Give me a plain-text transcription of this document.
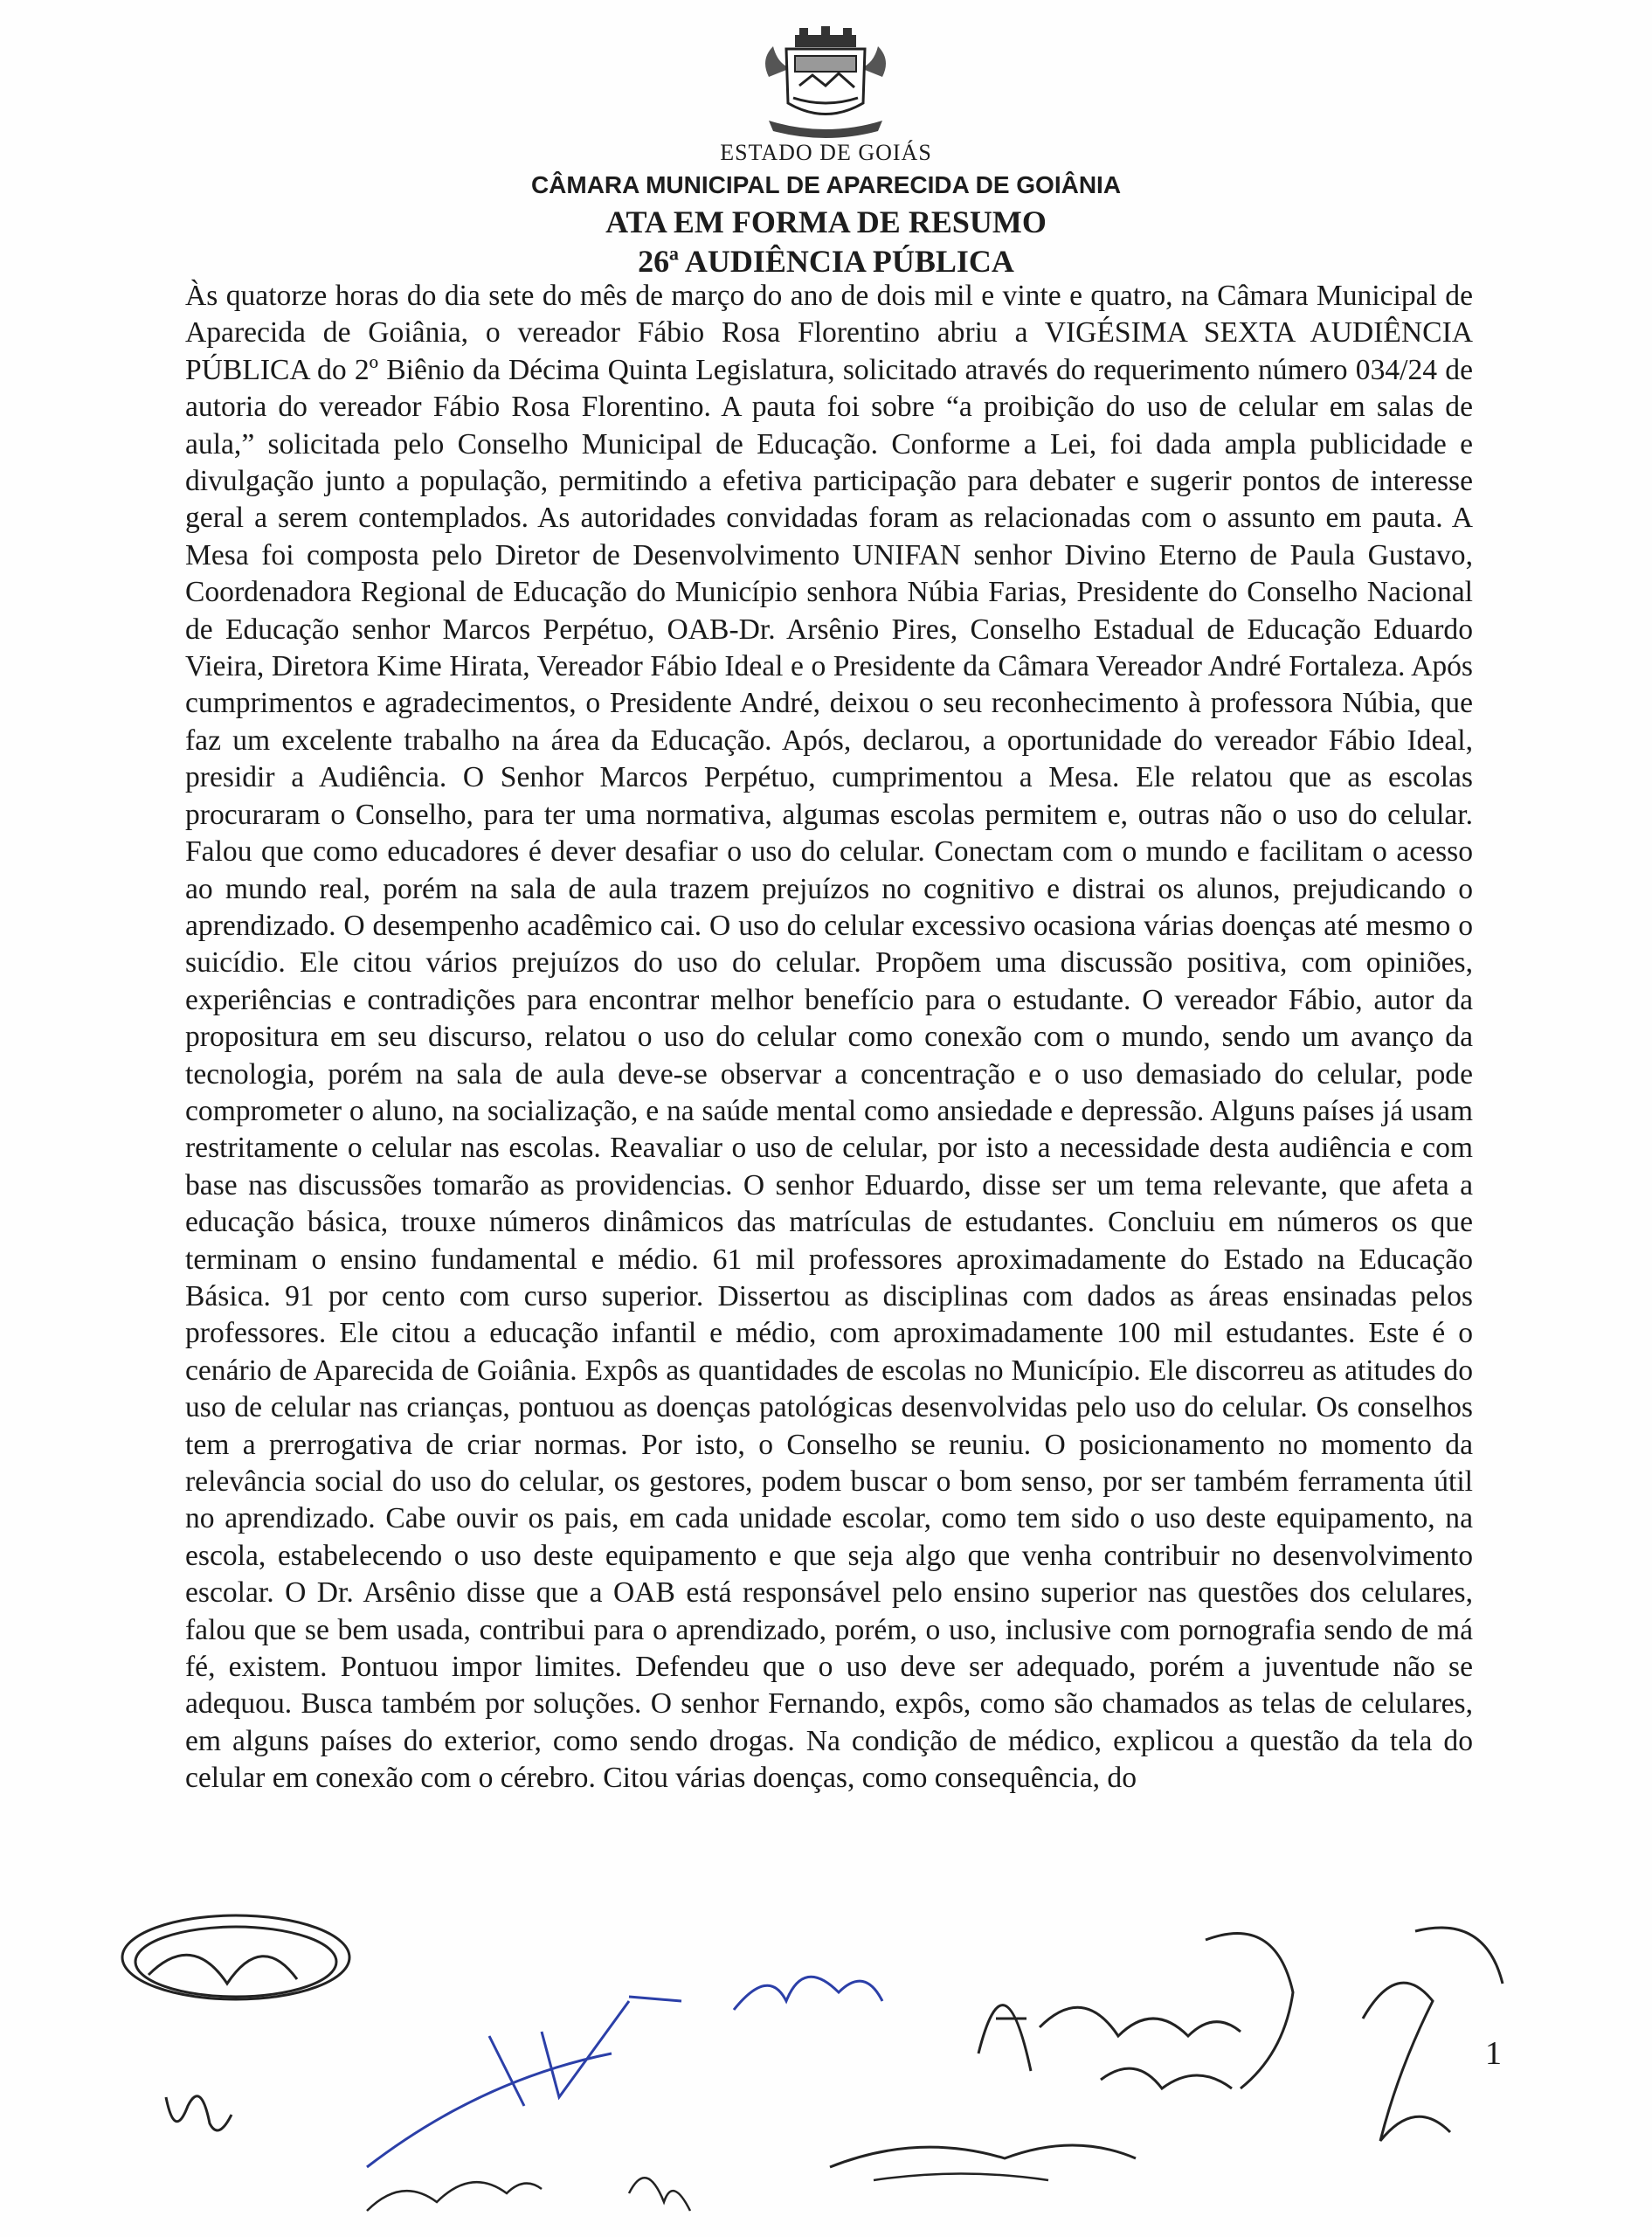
ESTADO DE GOIÁS
CÂMARA MUNICIPAL DE APARECIDA DE GOIÂNIA
ATA EM FORMA DE RESUMO
26ª AUDIÊNCIA PÚBLICA

Às quatorze horas do dia sete do mês de março do ano de dois mil e vinte e quatro, na Câmara Municipal de Aparecida de Goiânia, o vereador Fábio Rosa Florentino abriu a VIGÉSIMA SEXTA AUDIÊNCIA PÚBLICA do 2º Biênio da Décima Quinta Legislatura, solicitado através do requerimento número 034/24 de autoria do vereador Fábio Rosa Florentino. A pauta foi sobre “a proibição do uso de celular em salas de aula,” solicitada pelo Conselho Municipal de Educação. Conforme a Lei, foi dada ampla publicidade e divulgação junto a população, permitindo a efetiva participação para debater e sugerir pontos de interesse geral a serem contemplados. As autoridades convidadas foram as relacionadas com o assunto em pauta. A Mesa foi composta pelo Diretor de Desenvolvimento UNIFAN senhor Divino Eterno de Paula Gustavo, Coordenadora Regional de Educação do Município senhora Núbia Farias, Presidente do Conselho Nacional de Educação senhor Marcos Perpétuo, OAB-Dr. Arsênio Pires, Conselho Estadual de Educação Eduardo Vieira, Diretora Kime Hirata, Vereador Fábio Ideal e o Presidente da Câmara Vereador André Fortaleza. Após cumprimentos e agradecimentos, o Presidente André, deixou o seu reconhecimento à professora Núbia, que faz um excelente trabalho na área da Educação. Após, declarou, a oportunidade do vereador Fábio Ideal, presidir a Audiência. O Senhor Marcos Perpétuo, cumprimentou a Mesa. Ele relatou que as escolas procuraram o Conselho, para ter uma normativa, algumas escolas permitem e, outras não o uso do celular. Falou que como educadores é dever desafiar o uso do celular. Conectam com o mundo e facilitam o acesso ao mundo real, porém na sala de aula trazem prejuízos no cognitivo e distrai os alunos, prejudicando o aprendizado. O desempenho acadêmico cai. O uso do celular excessivo ocasiona várias doenças até mesmo o suicídio. Ele citou vários prejuízos do uso do celular. Propõem uma discussão positiva, com opiniões, experiências e contradições para encontrar melhor benefício para o estudante. O vereador Fábio, autor da propositura em seu discurso, relatou o uso do celular como conexão com o mundo, sendo um avanço da tecnologia, porém na sala de aula deve-se observar a concentração e o uso demasiado do celular, pode comprometer o aluno, na socialização, e na saúde mental como ansiedade e depressão. Alguns países já usam restritamente o celular nas escolas. Reavaliar o uso de celular, por isto a necessidade desta audiência e com base nas discussões tomarão as providencias. O senhor Eduardo, disse ser um tema relevante, que afeta a educação básica, trouxe números dinâmicos das matrículas de estudantes. Concluiu em números os que terminam o ensino fundamental e médio. 61 mil professores aproximadamente do Estado na Educação Básica. 91 por cento com curso superior. Dissertou as disciplinas com dados as áreas ensinadas pelos professores. Ele citou a educação infantil e médio, com aproximadamente 100 mil estudantes. Este é o cenário de Aparecida de Goiânia. Expôs as quantidades de escolas no Município. Ele discorreu as atitudes do uso de celular nas crianças, pontuou as doenças patológicas desenvolvidas pelo uso do celular. Os conselhos tem a prerrogativa de criar normas. Por isto, o Conselho se reuniu. O posicionamento no momento da relevância social do uso do celular, os gestores, podem buscar o bom senso, por ser também ferramenta útil no aprendizado. Cabe ouvir os pais, em cada unidade escolar, como tem sido o uso deste equipamento, na escola, estabelecendo o uso deste equipamento e que seja algo que venha contribuir no desenvolvimento escolar. O Dr. Arsênio disse que a OAB está responsável pelo ensino superior nas questões dos celulares, falou que se bem usada, contribui para o aprendizado, porém, o uso, inclusive com pornografia sendo de má fé, existem. Pontuou impor limites. Defendeu que o uso deve ser adequado, porém a juventude não se adequou. Busca também por soluções. O senhor Fernando, expôs, como são chamados as telas de celulares, em alguns países do exterior, como sendo drogas. Na condição de médico, explicou a questão da tela do celular em conexão com o cérebro. Citou várias doenças, como consequência, do

1
